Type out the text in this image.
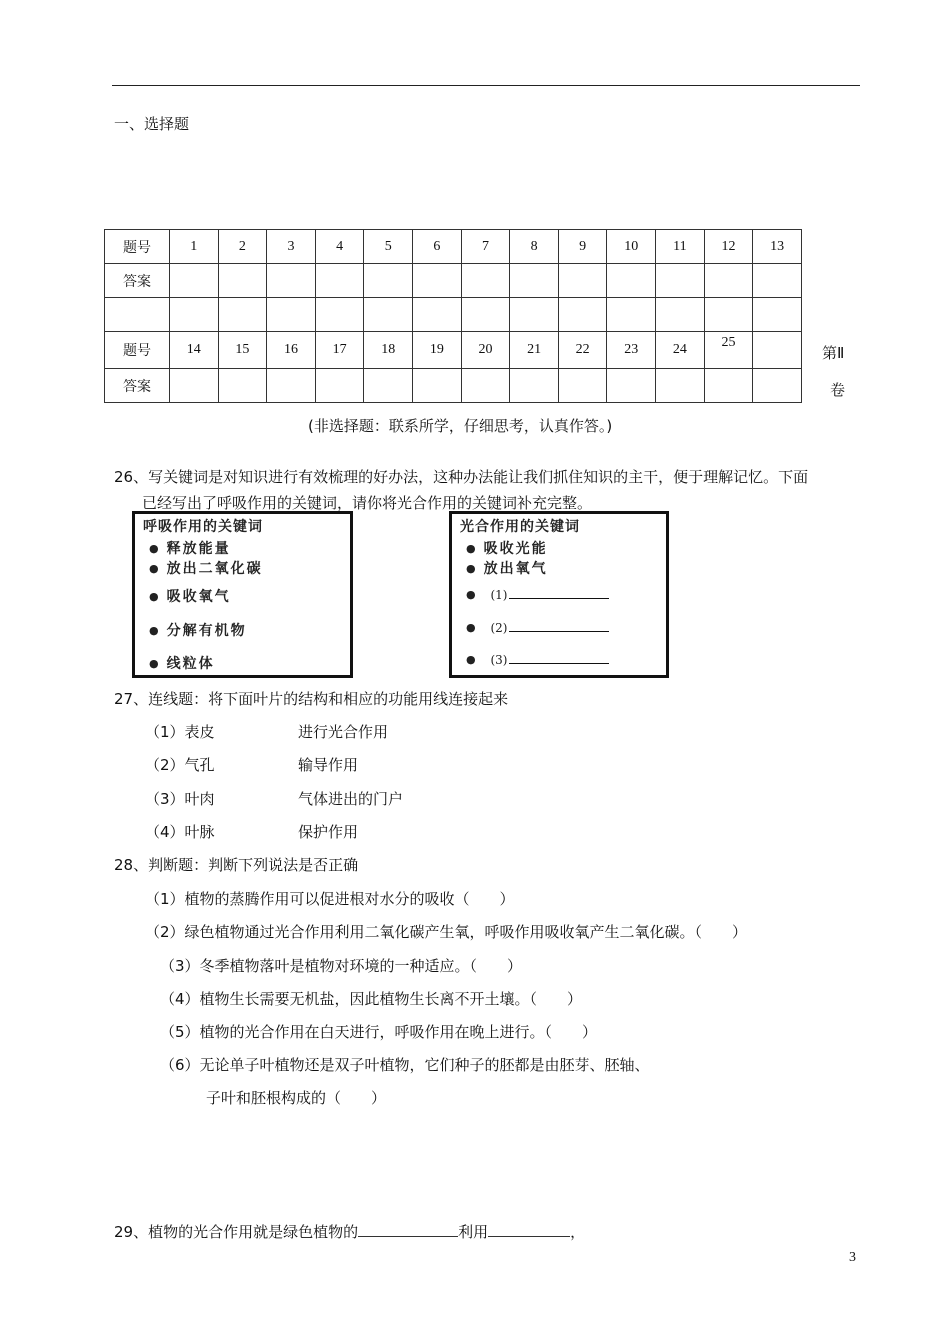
一、选择题
题号	1	2	3	4	5	6	7	8	9	10	11	12	13
答案													

题号	14	15	16	17	18	19	20	21	22	23	24	25	
答案													
第Ⅱ
卷
(非选择题：联系所学，仔细思考，认真作答。)
26、写关键词是对知识进行有效梳理的好办法，这种办法能让我们抓住知识的主干，便于理解记忆。下面
已经写出了呼吸作用的关键词，请你将光合作用的关键词补充完整。
呼吸作用的关键词
● 释放能量
● 放出二氧化碳
● 吸收氧气
● 分解有机物
● 线粒体
光合作用的关键词
● 吸收光能
● 放出氧气
● (1)
● (2)
● (3)
27、连线题：将下面叶片的结构和相应的功能用线连接起来
（1）表皮	进行光合作用
（2）气孔	输导作用
（3）叶肉	气体进出的门户
（4）叶脉	保护作用
28、判断题：判断下列说法是否正确
（1）植物的蒸腾作用可以促进根对水分的吸收（　　）
（2）绿色植物通过光合作用利用二氧化碳产生氧，呼吸作用吸收氧产生二氧化碳。（　　）
（3）冬季植物落叶是植物对环境的一种适应。（　　）
（4）植物生长需要无机盐，因此植物生长离不开土壤。（　　）
（5）植物的光合作用在白天进行，呼吸作用在晚上进行。（　　）
（6）无论单子叶植物还是双子叶植物，它们种子的胚都是由胚芽、胚轴、
子叶和胚根构成的（　　）
29、植物的光合作用就是绿色植物的	利用	，
3
